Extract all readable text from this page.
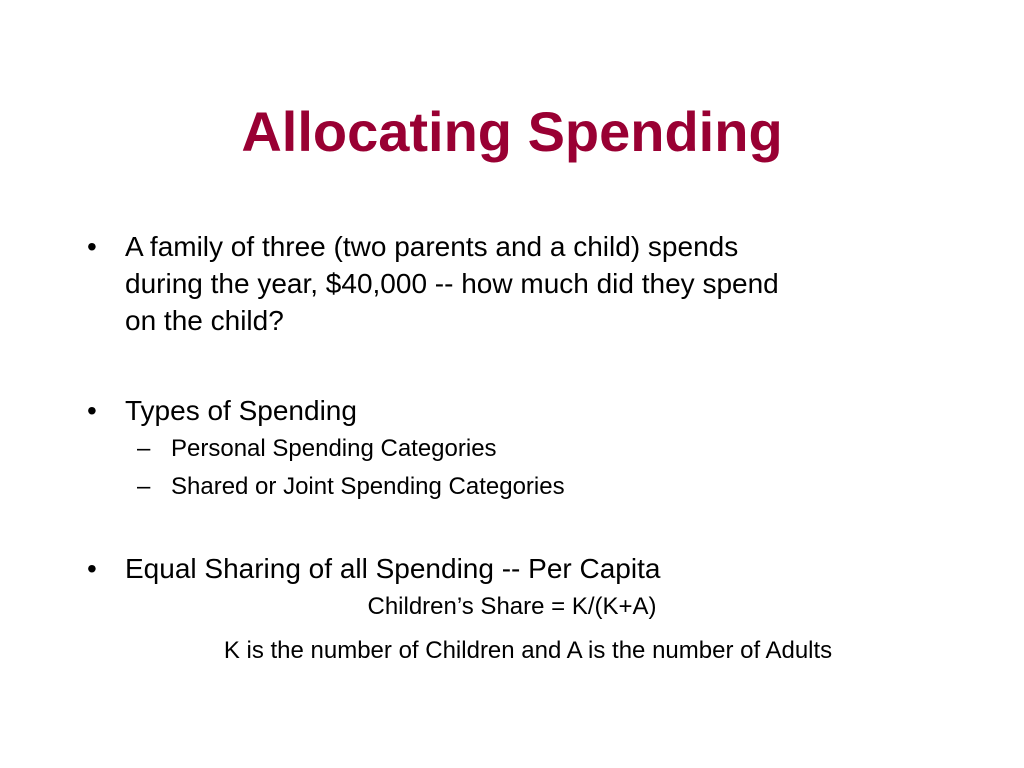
Allocating Spending
• A family of three (two parents and a child) spends
during the year, $40,000 -- how much did they spend
on the child?
• Types of Spending
– Personal Spending Categories
– Shared or Joint Spending Categories
• Equal Sharing of all Spending -- Per Capita
Children’s Share = K/(K+A)
K is the number of Children and A is the number of Adults
